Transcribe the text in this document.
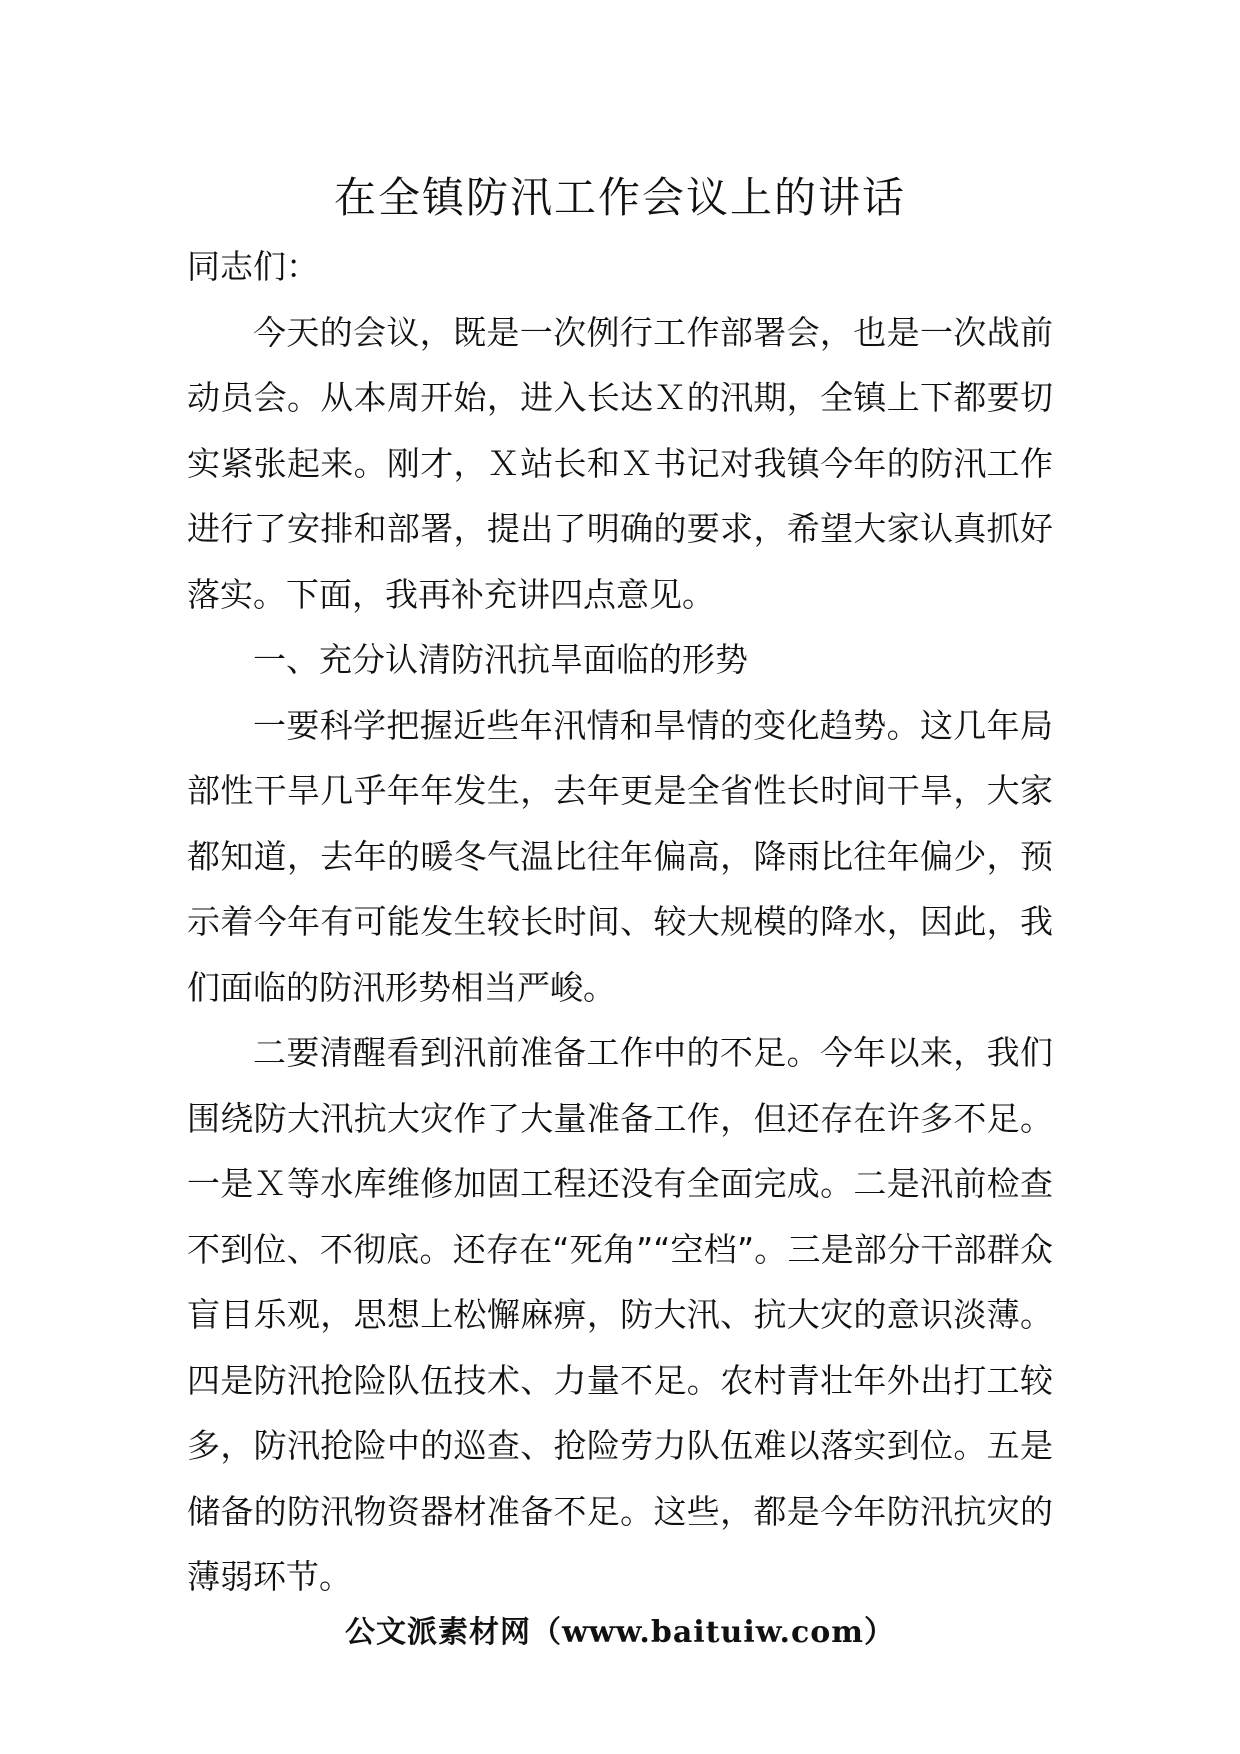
在全镇防汛工作会议上的讲话

同志们：

今天的会议，既是一次例行工作部署会，也是一次战前动员会。从本周开始，进入长达Ｘ的汛期，全镇上下都要切实紧张起来。刚才，Ｘ站长和Ｘ书记对我镇今年的防汛工作进行了安排和部署，提出了明确的要求，希望大家认真抓好落实。下面，我再补充讲四点意见。

一、充分认清防汛抗旱面临的形势

一要科学把握近些年汛情和旱情的变化趋势。这几年局部性干旱几乎年年发生，去年更是全省性长时间干旱，大家都知道，去年的暖冬气温比往年偏高，降雨比往年偏少，预示着今年有可能发生较长时间、较大规模的降水，因此，我们面临的防汛形势相当严峻。

二要清醒看到汛前准备工作中的不足。今年以来，我们围绕防大汛抗大灾作了大量准备工作，但还存在许多不足。一是Ｘ等水库维修加固工程还没有全面完成。二是汛前检查不到位、不彻底。还存在“死角”“空档”。三是部分干部群众盲目乐观，思想上松懈麻痹，防大汛、抗大灾的意识淡薄。四是防汛抢险队伍技术、力量不足。农村青壮年外出打工较多，防汛抢险中的巡查、抢险劳力队伍难以落实到位。五是储备的防汛物资器材准备不足。这些，都是今年防汛抗灾的薄弱环节。

公文派素材网（www.baituiw.com）
